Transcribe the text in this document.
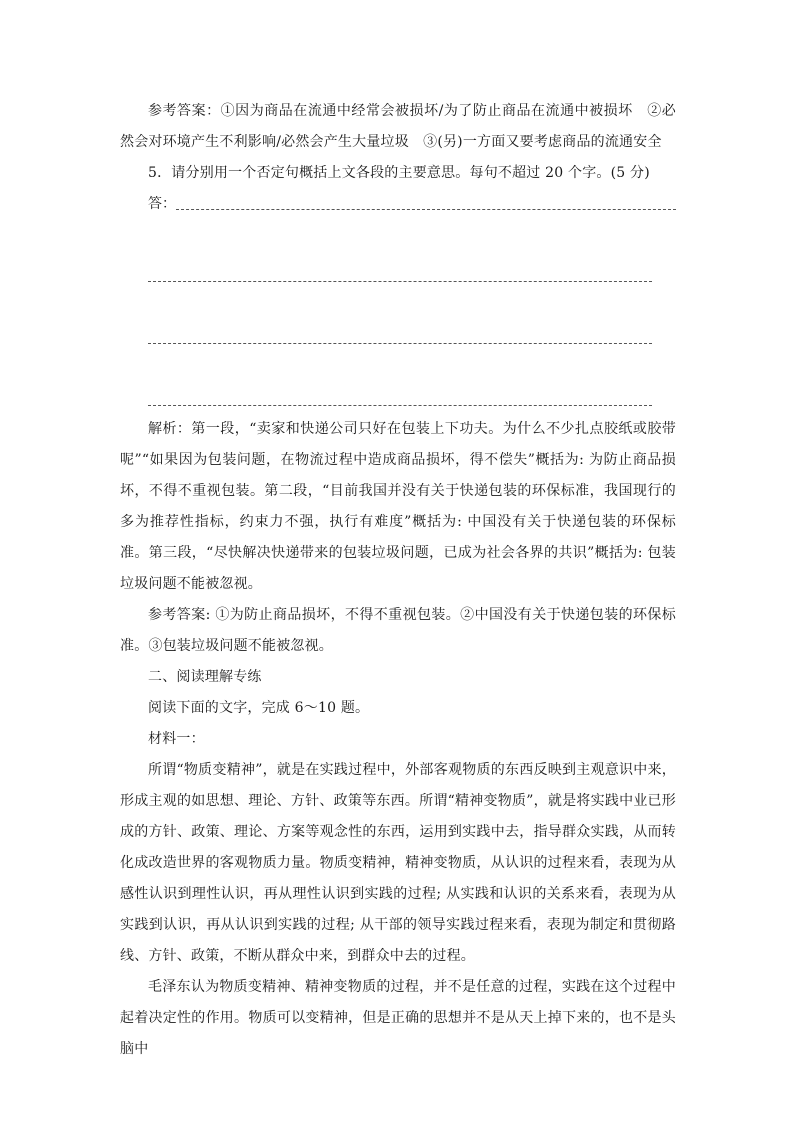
参考答案：①因为商品在流通中经常会被损坏/为了防止商品在流通中被损坏　②必然会对环境产生不利影响/必然会产生大量垃圾　③(另)一方面又要考虑商品的流通安全

5．请分别用一个否定句概括上文各段的主要意思。每句不超过 20 个字。(5 分)

答：

解析：第一段，“卖家和快递公司只好在包装上下功夫。为什么不少扎点胶纸或胶带呢”“如果因为包装问题，在物流过程中造成商品损坏，得不偿失”概括为: 为防止商品损坏，不得不重视包装。第二段，“目前我国并没有关于快递包装的环保标准，我国现行的多为推荐性指标，约束力不强，执行有难度”概括为: 中国没有关于快递包装的环保标准。第三段，“尽快解决快递带来的包装垃圾问题，已成为社会各界的共识”概括为: 包装垃圾问题不能被忽视。

参考答案: ①为防止商品损坏，不得不重视包装。②中国没有关于快递包装的环保标准。③包装垃圾问题不能被忽视。

二、阅读理解专练

阅读下面的文字，完成 6～10 题。

材料一：

所谓“物质变精神”，就是在实践过程中，外部客观物质的东西反映到主观意识中来，形成主观的如思想、理论、方针、政策等东西。所谓“精神变物质”，就是将实践中业已形成的方针、政策、理论、方案等观念性的东西，运用到实践中去，指导群众实践，从而转化成改造世界的客观物质力量。物质变精神，精神变物质，从认识的过程来看，表现为从感性认识到理性认识，再从理性认识到实践的过程; 从实践和认识的关系来看，表现为从实践到认识，再从认识到实践的过程; 从干部的领导实践过程来看，表现为制定和贯彻路线、方针、政策，不断从群众中来，到群众中去的过程。

毛泽东认为物质变精神、精神变物质的过程，并不是任意的过程，实践在这个过程中起着决定性的作用。物质可以变精神，但是正确的思想并不是从天上掉下来的，也不是头脑中
